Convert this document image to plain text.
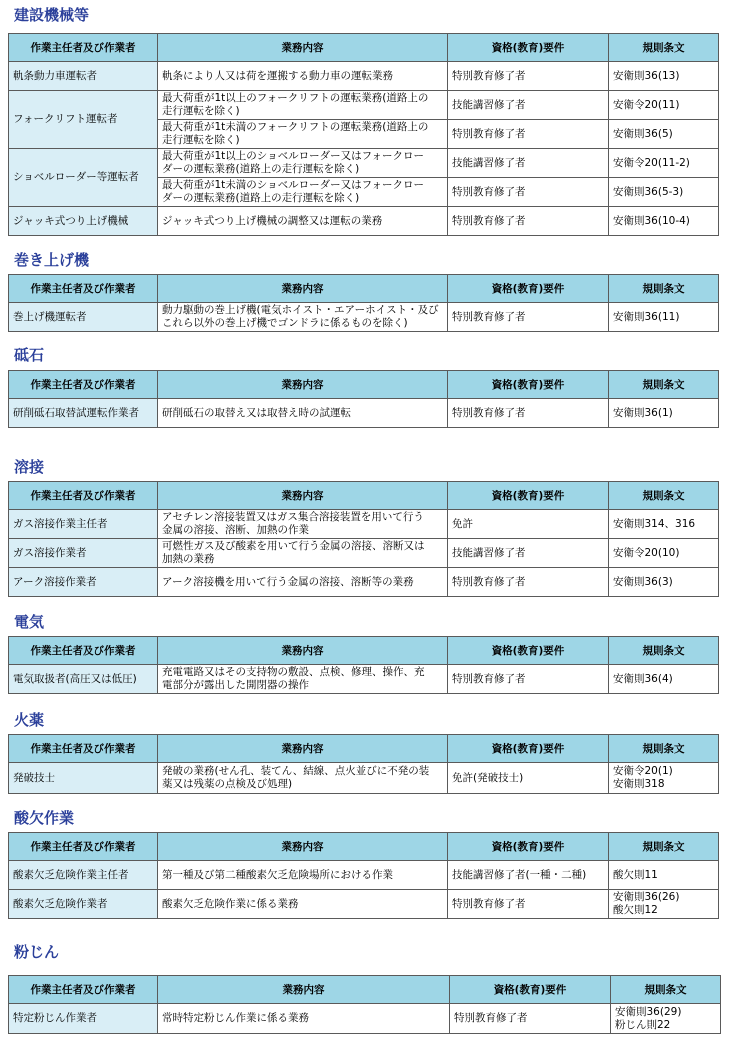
建設機械等
作業主任者及び作業者	業務内容	資格(教育)要件	規則条文

軌条動力車運転者	軌条により人又は荷を運搬する動力車の運転業務	特別教育修了者	安衛則36(13)

フォークリフト運転者	最大荷重が1t以上のフォークリフトの運転業務(道路上の
走行運転を除く)	技能講習修了者	安衛令20(11)

	最大荷重が1t未満のフォークリフトの運転業務(道路上の
走行運転を除く)	特別教育修了者	安衛則36(5)

ショベルローダー等運転者	最大荷重が1t以上のショベルローダー又はフォークロー
ダーの運転業務(道路上の走行運転を除く)	技能講習修了者	安衛令20(11-2)

	最大荷重が1t未満のショベルローダー又はフォークロー
ダーの運転業務(道路上の走行運転を除く)	特別教育修了者	安衛則36(5-3)

ジャッキ式つり上げ機械	ジャッキ式つり上げ機械の調整又は運転の業務	特別教育修了者	安衛則36(10-4)
巻き上げ機
作業主任者及び作業者	業務内容	資格(教育)要件	規則条文

巻上げ機運転者	動力駆動の巻上げ機(電気ホイスト・エアーホイスト・及び
これら以外の巻上げ機でゴンドラに係るものを除く)	特別教育修了者	安衛則36(11)
砥石
作業主任者及び作業者	業務内容	資格(教育)要件	規則条文

研削砥石取替試運転作業者	研削砥石の取替え又は取替え時の試運転	特別教育修了者	安衛則36(1)
溶接
作業主任者及び作業者	業務内容	資格(教育)要件	規則条文

ガス溶接作業主任者	アセチレン溶接装置又はガス集合溶接装置を用いて行う
金属の溶接、溶断、加熱の作業	免許	安衛則314、316

ガス溶接作業者	可燃性ガス及び酸素を用いて行う金属の溶接、溶断又は
加熱の業務	技能講習修了者	安衛令20(10)

アーク溶接作業者	アーク溶接機を用いて行う金属の溶接、溶断等の業務	特別教育修了者	安衛則36(3)
電気
作業主任者及び作業者	業務内容	資格(教育)要件	規則条文

電気取扱者(高圧又は低圧)	充電電路又はその支持物の敷設、点検、修理、操作、充
電部分が露出した開閉器の操作	特別教育修了者	安衛則36(4)
火薬
作業主任者及び作業者	業務内容	資格(教育)要件	規則条文

発破技士	発破の業務(せん孔、装てん、結線、点火並びに不発の装
薬又は残薬の点検及び処理)	免許(発破技士)	安衛令20(1)
安衛則318
酸欠作業
作業主任者及び作業者	業務内容	資格(教育)要件	規則条文

酸素欠乏危険作業主任者	第一種及び第二種酸素欠乏危険場所における作業	技能講習修了者(一種・二種)	酸欠則11

酸素欠乏危険作業者	酸素欠乏危険作業に係る業務	特別教育修了者	安衛則36(26)
酸欠則12
粉じん
作業主任者及び作業者	業務内容	資格(教育)要件	規則条文

特定粉じん作業者	常時特定粉じん作業に係る業務	特別教育修了者	安衛則36(29)
粉じん則22
